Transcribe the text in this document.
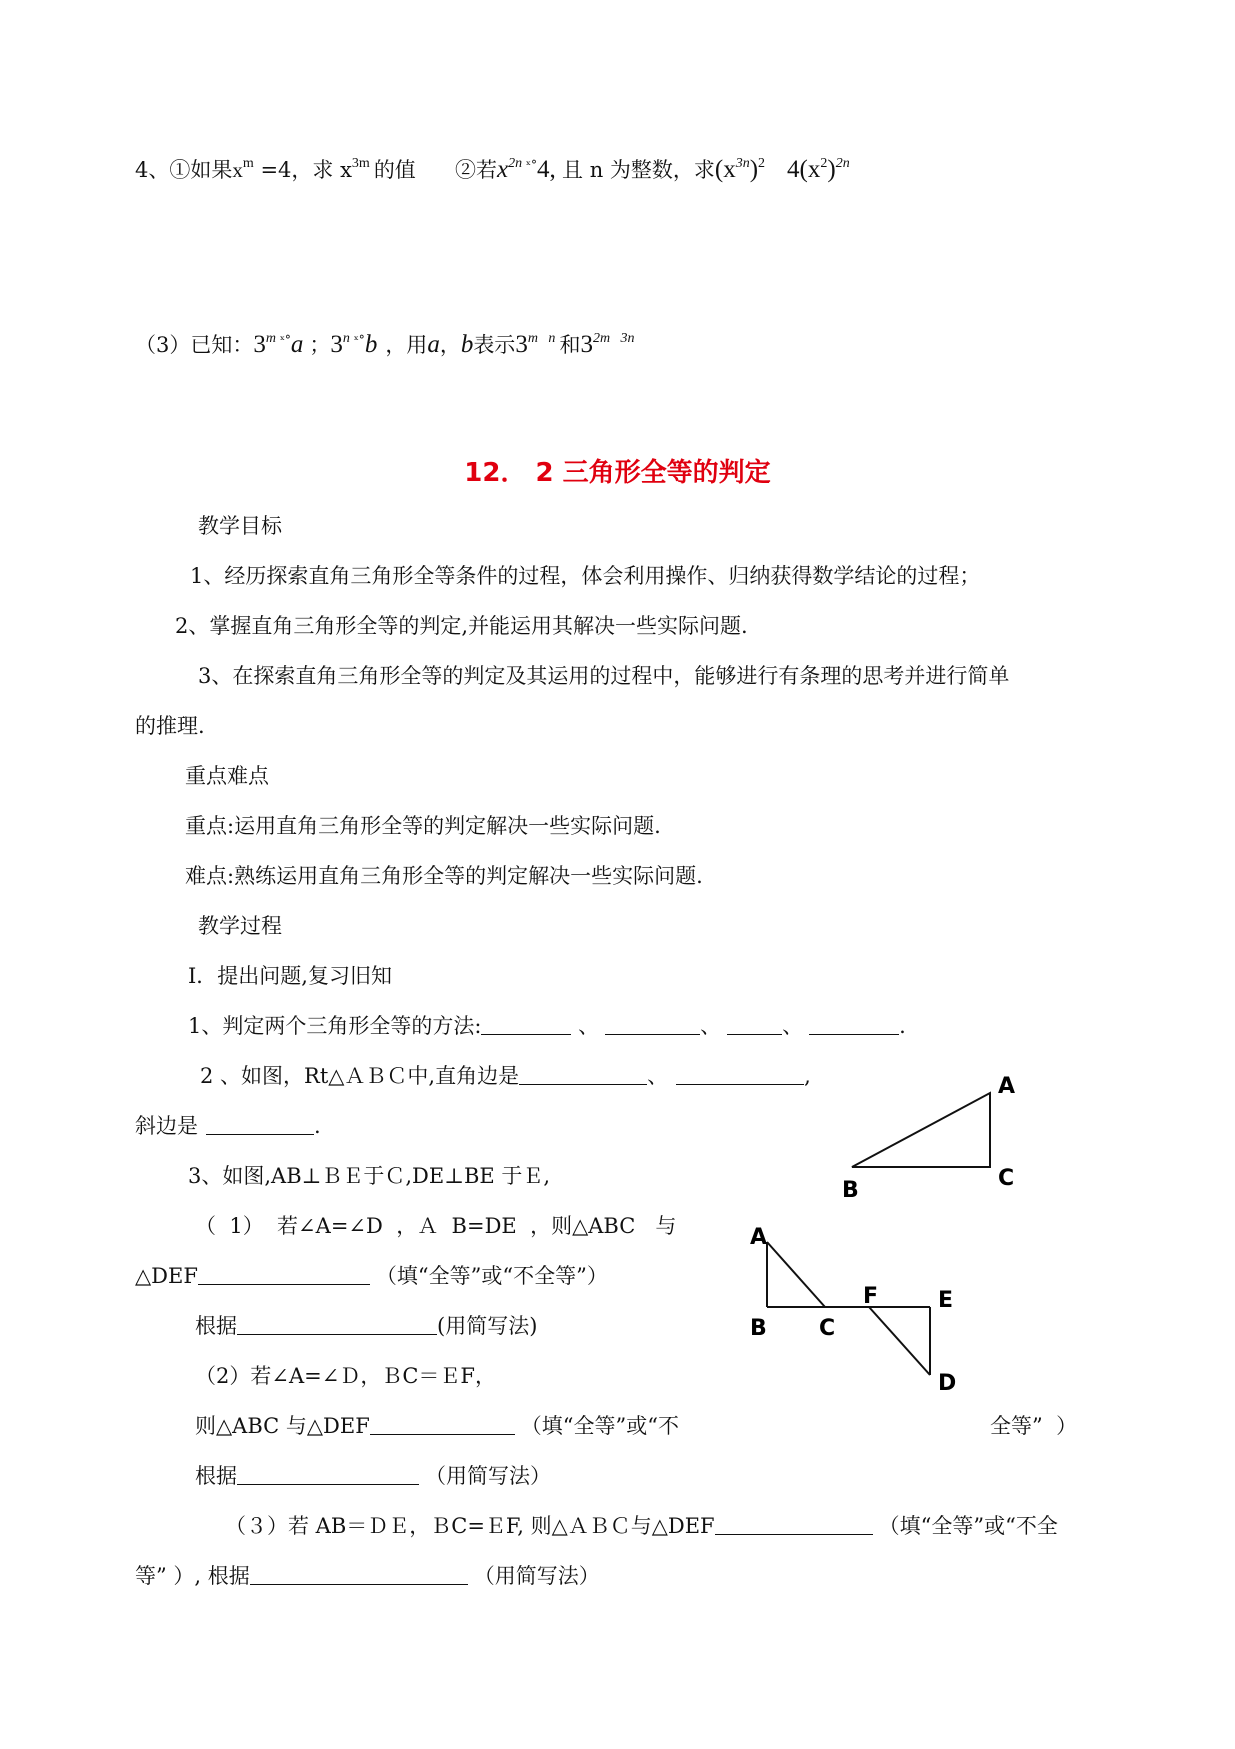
4、①如果$x^m =4$，求 $x^{3m}$ 的值 ②若$x^{2n}$ $^{ˣ^\circ}$4, 且 n 为整数，求$(x^{3n})^2$ $4(x^2)^{2n}$
（3）已知：3$^m$ $^{ˣ^\circ}$a ；3$^n$ $^{ˣ^\circ}$b ，用a，b表示$3^{m n}$ 和$3^{2m 3n}$
12． 2 三角形全等的判定
教学目标
1、经历探索直角三角形全等条件的过程，体会利用操作、归纳获得数学结论的过程；
2、掌握直角三角形全等的判定,并能运用其解决一些实际问题.
3、在探索直角三角形全等的判定及其运用的过程中，能够进行有条理的思考并进行简单
的推理.
重点难点
重点:运用直角三角形全等的判定解决一些实际问题.
难点:熟练运用直角三角形全等的判定解决一些实际问题.
教学过程
Ⅰ．提出问题,复习旧知
1、判定两个三角形全等的方法:	、	、	、	.
2 、如图，Rt△ＡＢＣ中,直角边是	、	,
斜边是	.
3、如图,AB⊥ＢＥ于Ｃ,DE⊥BE 于Ｅ,
（  1）  若∠A=∠D  ，Ａ  B=DE  ，则△ABC   与
△DEF	（填“全等”或“不全等”）
根据	(用简写法)
（2）若∠A=∠Ｄ，ＢC＝ＥF，
则△ABC 与△DEF	（填“全等”或“不	全等”  ）
根据	（用简写法）
（３）若 AB＝ＤＥ，ＢC=ＥF, 则△ＡＢＣ与△DEF	（填“全等”或“不全
等” ）, 根据	（用简写法）
A
B	C
A
B C
F	E
D
